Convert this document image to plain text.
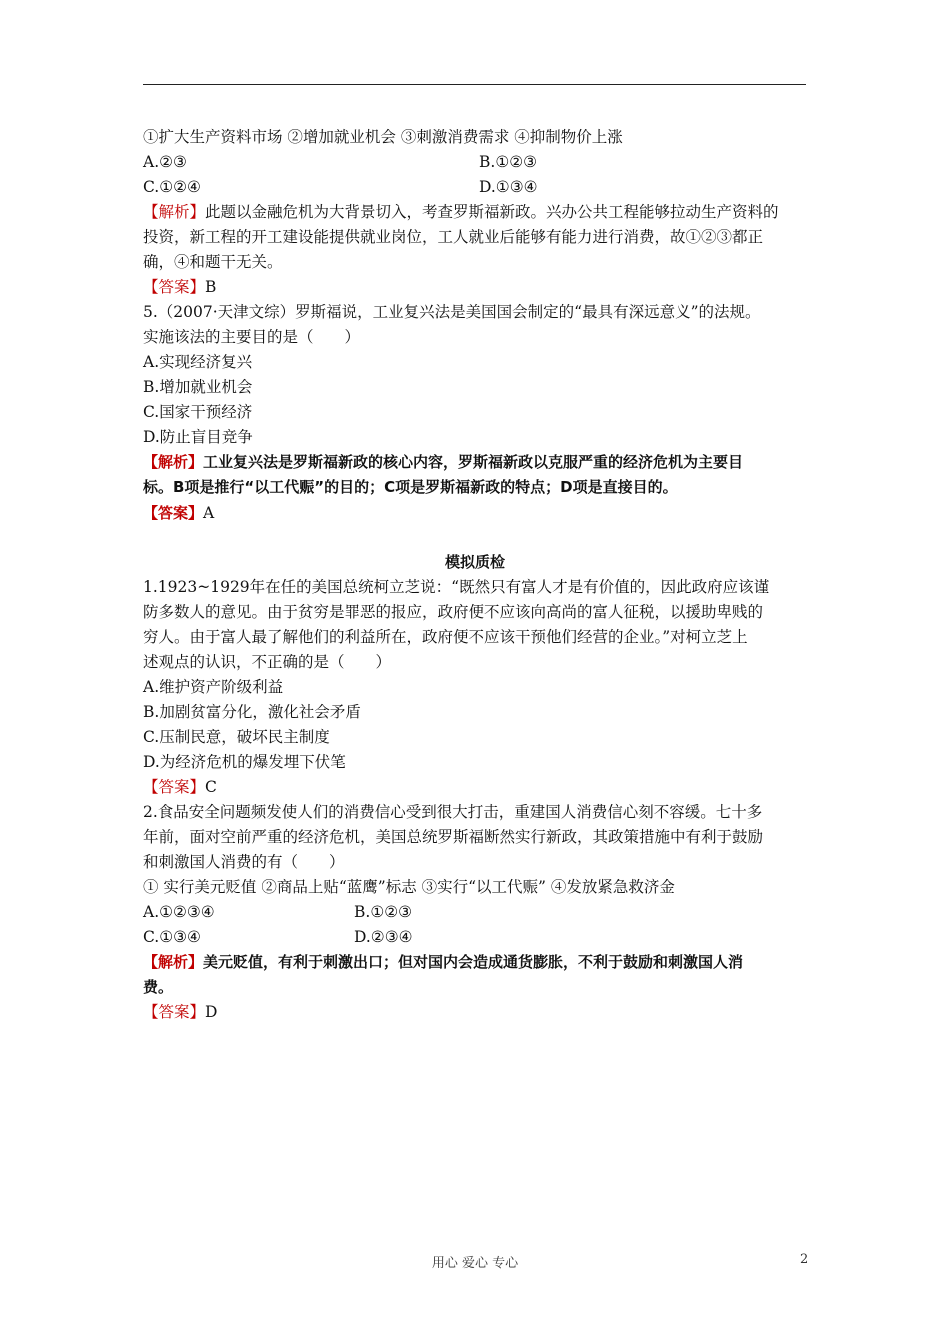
①扩大生产资料市场 ②增加就业机会 ③刺激消费需求 ④抑制物价上涨
A.②③	B.①②③
C.①②④	D.①③④
【解析】此题以金融危机为大背景切入，考查罗斯福新政。兴办公共工程能够拉动生产资料的
投资，新工程的开工建设能提供就业岗位，工人就业后能够有能力进行消费，故①②③都正
确，④和题干无关。
【答案】B
5.（2007·天津文综）罗斯福说，工业复兴法是美国国会制定的“最具有深远意义”的法规。
实施该法的主要目的是（　　）
A.实现经济复兴
B.增加就业机会
C.国家干预经济
D.防止盲目竞争
【解析】工业复兴法是罗斯福新政的核心内容，罗斯福新政以克服严重的经济危机为主要目
标。B项是推行“以工代赈”的目的；C项是罗斯福新政的特点；D项是直接目的。
【答案】A
模拟质检
1.1923~1929年在任的美国总统柯立芝说：“既然只有富人才是有价值的，因此政府应该谨
防多数人的意见。由于贫穷是罪恶的报应，政府便不应该向高尚的富人征税，以援助卑贱的
穷人。由于富人最了解他们的利益所在，政府便不应该干预他们经营的企业。”对柯立芝上
述观点的认识，不正确的是（　　）
A.维护资产阶级利益
B.加剧贫富分化，激化社会矛盾
C.压制民意，破坏民主制度
D.为经济危机的爆发埋下伏笔
【答案】C
2.食品安全问题频发使人们的消费信心受到很大打击，重建国人消费信心刻不容缓。七十多
年前，面对空前严重的经济危机，美国总统罗斯福断然实行新政，其政策措施中有利于鼓励
和刺激国人消费的有（　　）
① 实行美元贬值 ②商品上贴“蓝鹰”标志 ③实行“以工代赈” ④发放紧急救济金
A.①②③④	B.①②③
C.①③④	D.②③④
【解析】美元贬值，有利于刺激出口；但对国内会造成通货膨胀，不利于鼓励和刺激国人消
费。
【答案】D
用心 爱心 专心	2
